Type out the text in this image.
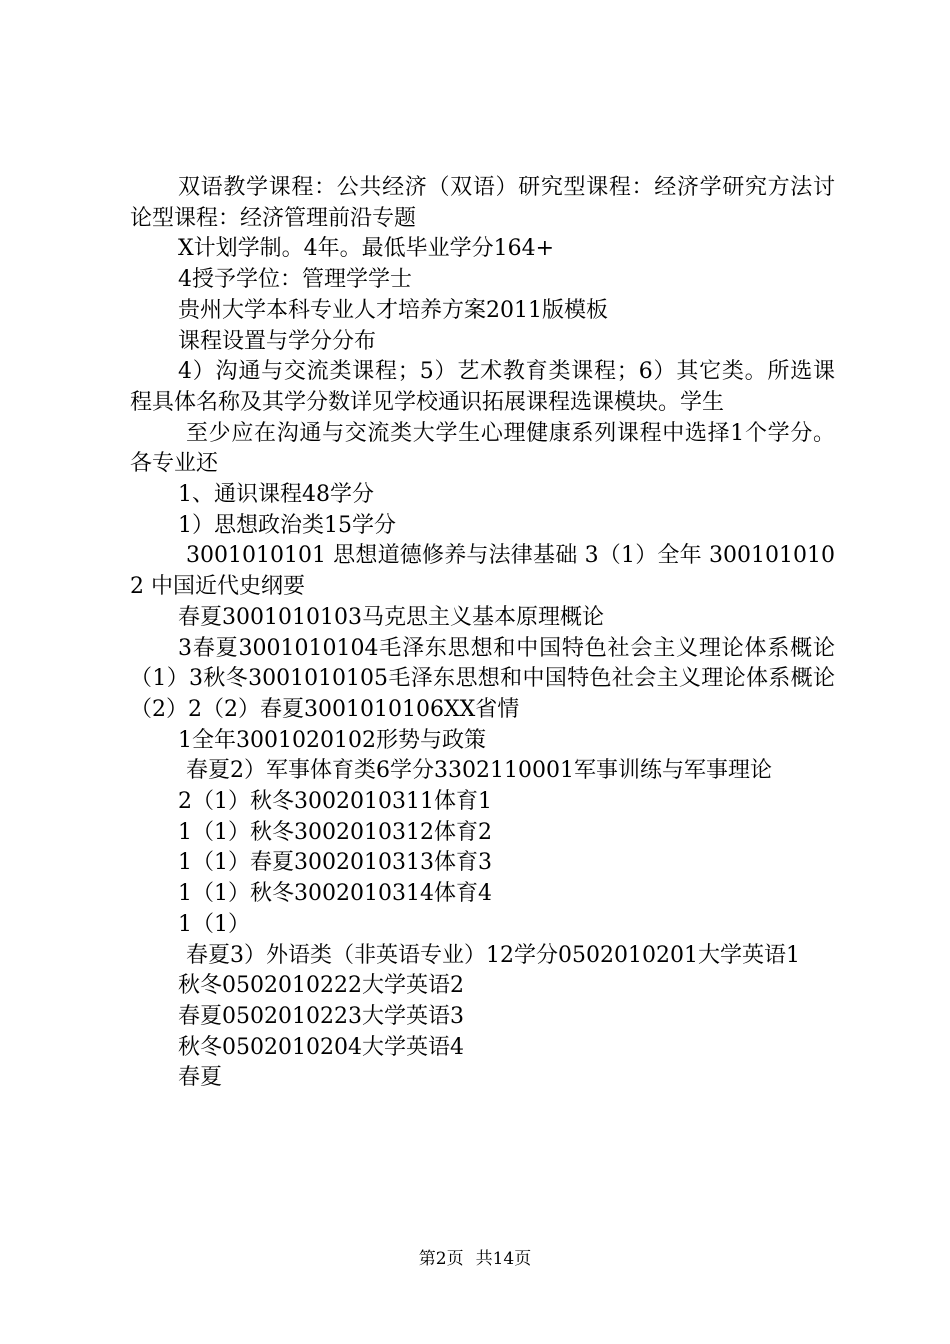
双语教学课程：公共经济（双语）研究型课程：经济学研究方法讨论型课程：经济管理前沿专题

X计划学制。4年。最低毕业学分164+

4授予学位：管理学学士

贵州大学本科专业人才培养方案2011版模板

课程设置与学分分布

4）沟通与交流类课程；5）艺术教育类课程；6）其它类。所选课程具体名称及其学分数详见学校通识拓展课程选课模块。学生

至少应在沟通与交流类大学生心理健康系列课程中选择1个学分。各专业还

1、通识课程48学分

1）思想政治类15学分

3001010101 思想道德修养与法律基础 3（1）全年 3001010102 中国近代史纲要

春夏3001010103马克思主义基本原理概论

3春夏3001010104毛泽东思想和中国特色社会主义理论体系概论（1）3秋冬3001010105毛泽东思想和中国特色社会主义理论体系概论（2）2（2）春夏3001010106XX省情

1全年3001020102形势与政策

春夏2）军事体育类6学分3302110001军事训练与军事理论

2（1）秋冬3002010311体育1

1（1）秋冬3002010312体育2

1（1）春夏3002010313体育3

1（1）秋冬3002010314体育4

1（1）

春夏3）外语类（非英语专业）12学分0502010201大学英语1

秋冬0502010222大学英语2

春夏0502010223大学英语3

秋冬0502010204大学英语4

春夏

第2页 共14页
